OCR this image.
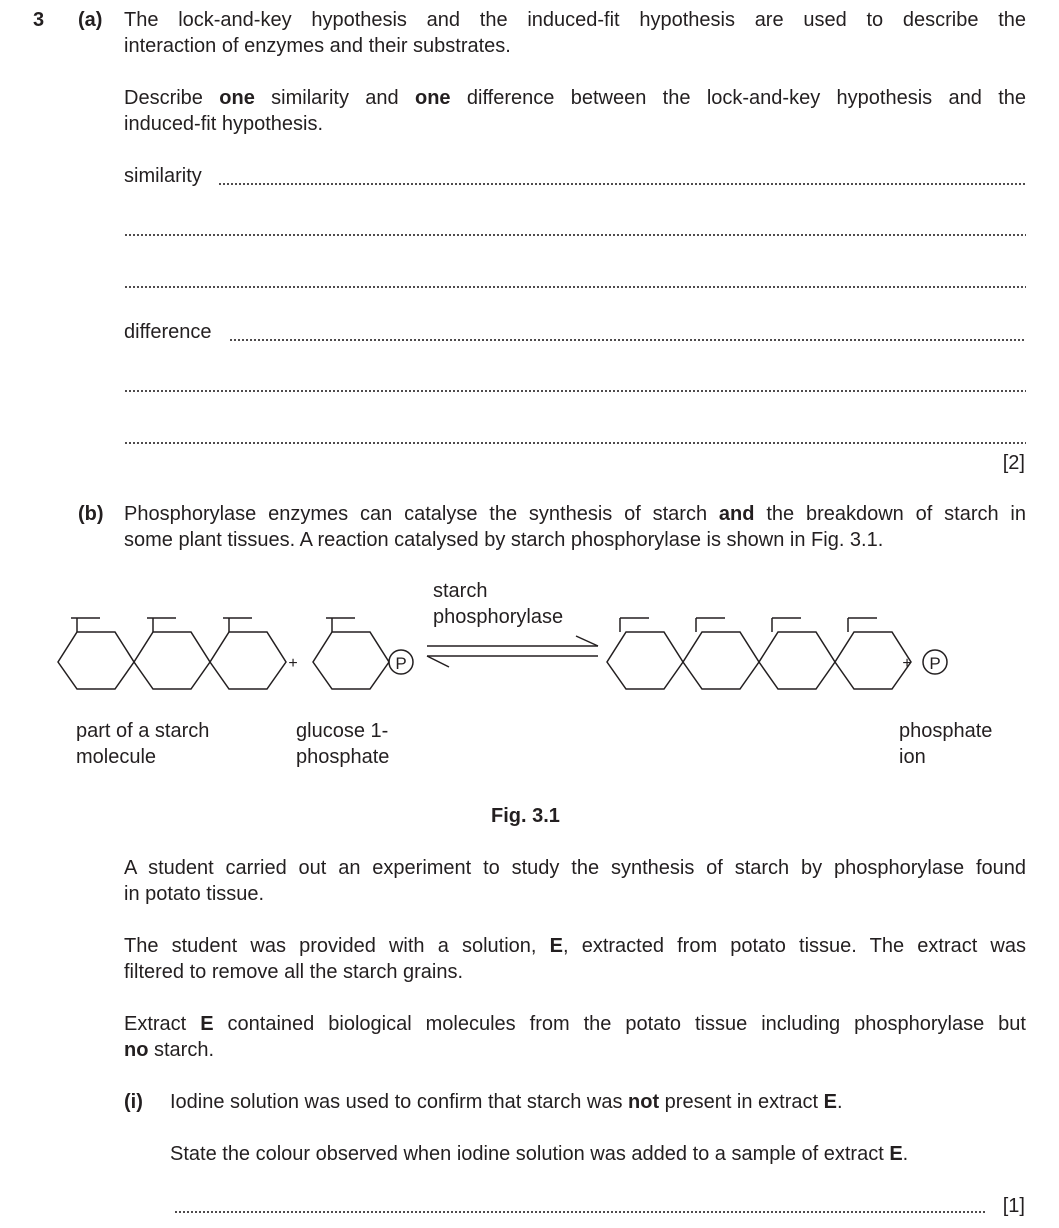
3 (a) The lock-and-key hypothesis and the induced-fit hypothesis are used to describe the
interaction of enzymes and their substrates.
Describe one similarity and one difference between the lock-and-key hypothesis and the
induced-fit hypothesis.
similarity
difference
[2]
(b) Phosphorylase enzymes can catalyse the synthesis of starch and the breakdown of starch in
some plant tissues. A reaction catalysed by starch phosphorylase is shown in Fig. 3.1.
+	P
starch
phosphorylase
+ P
part of a starch
molecule
glucose 1-
phosphate
phosphate
ion
Fig. 3.1
A student carried out an experiment to study the synthesis of starch by phosphorylase found
in potato tissue.
The student was provided with a solution, E, extracted from potato tissue. The extract was
filtered to remove all the starch grains.
Extract E contained biological molecules from the potato tissue including phosphorylase but
no starch.
(i) Iodine solution was used to confirm that starch was not present in extract E.
State the colour observed when iodine solution was added to a sample of extract E.
[1]
